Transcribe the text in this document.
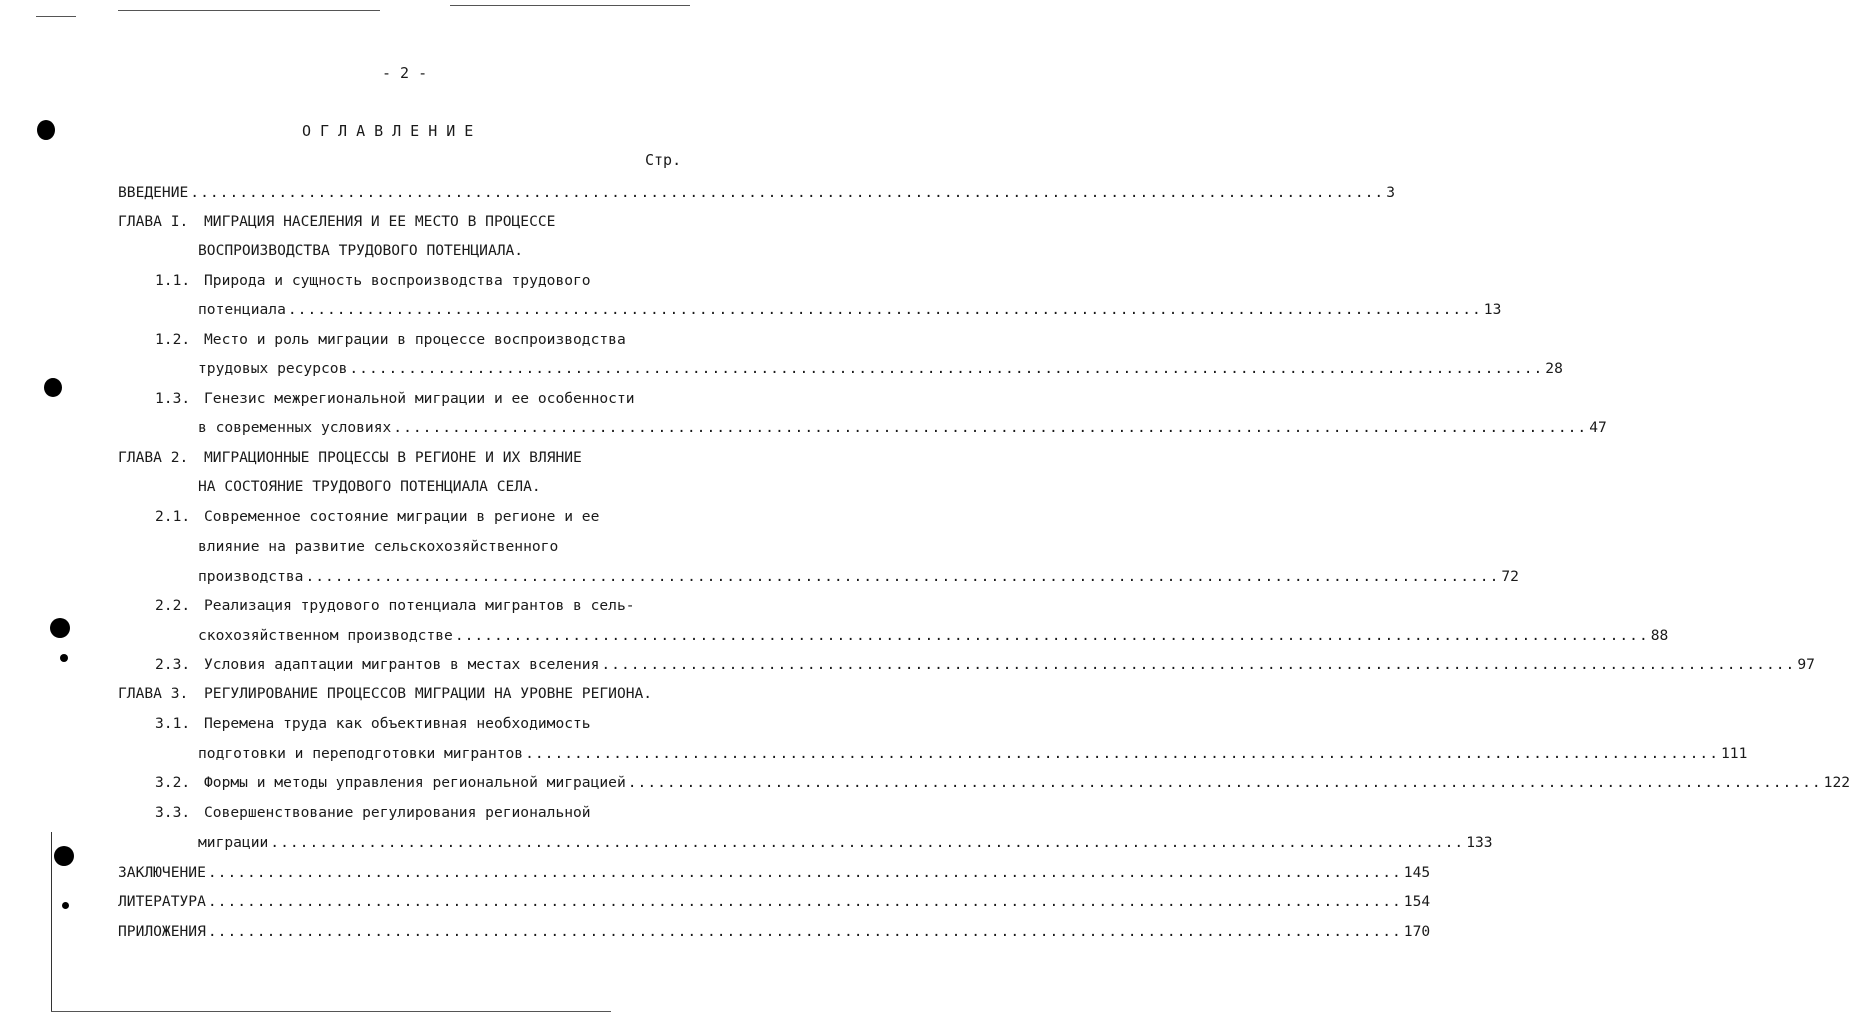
- 2 -
ОГЛАВЛЕНИЕ
Стр.
ВВЕДЕНИЕ .......................................................................................................................... 3
ГЛАВА I.	МИГРАЦИЯ НАСЕЛЕНИЯ И ЕЕ МЕСТО В ПРОЦЕССЕ
ВОСПРОИЗВОДСТВА ТРУДОВОГО ПОТЕНЦИАЛА.
1.1. Природа и сущность воспроизводства трудового
потенциала .......................................................................................................................... 13
1.2. Место и роль миграции в процессе воспроизводства
трудовых ресурсов .......................................................................................................................... 28
1.3. Генезис межрегиональной миграции и ее особенности
в современных условиях .......................................................................................................................... 47
ГЛАВА 2.	МИГРАЦИОННЫЕ ПРОЦЕССЫ В РЕГИОНЕ И ИХ ВЛЯНИЕ
НА СОСТОЯНИЕ ТРУДОВОГО ПОТЕНЦИАЛА СЕЛА.
2.1. Современное состояние миграции в регионе и ее
влияние на развитие сельскохозяйственного
производства .......................................................................................................................... 72
2.2. Реализация трудового потенциала мигрантов в сель-
скохозяйственном производстве .......................................................................................................................... 88
2.3. Условия адаптации мигрантов в местах вселения .......................................................................................................................... 97
ГЛАВА 3.	РЕГУЛИРОВАНИЕ ПРОЦЕССОВ МИГРАЦИИ НА УРОВНЕ РЕГИОНА.
3.1. Перемена труда как объективная необходимость
подготовки и переподготовки мигрантов .......................................................................................................................... 111
3.2. Формы и методы управления региональной миграцией .......................................................................................................................... 122
3.3. Совершенствование регулирования региональной
миграции .......................................................................................................................... 133
ЗАКЛЮЧЕНИЕ .......................................................................................................................... 145
ЛИТЕРАТУРА .......................................................................................................................... 154
ПРИЛОЖЕНИЯ .......................................................................................................................... 170
